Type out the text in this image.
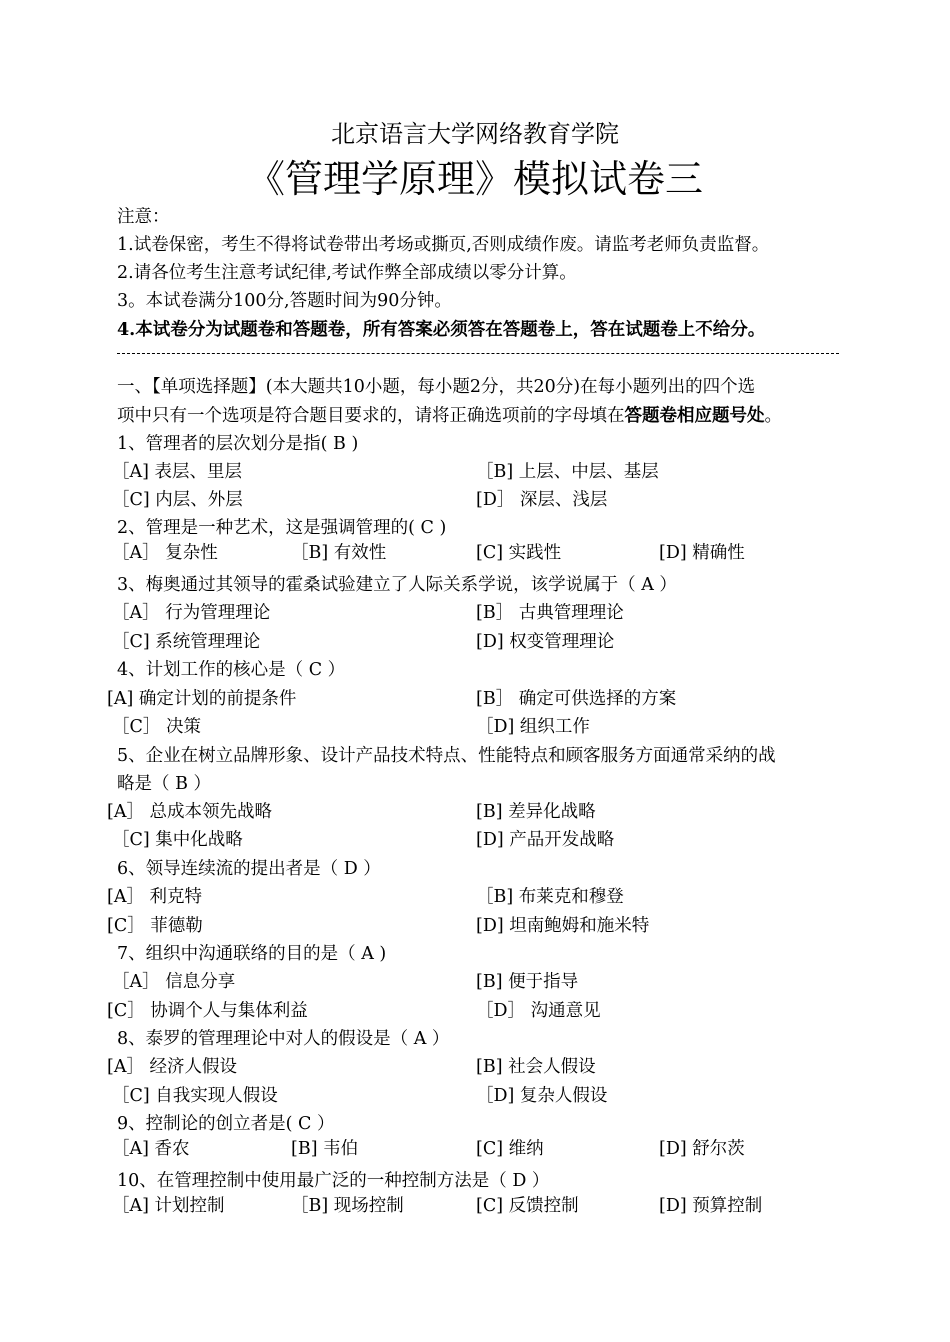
北京语言大学网络教育学院
《管理学原理》模拟试卷三
注意：
1.试卷保密，考生不得将试卷带出考场或撕页,否则成绩作废。请监考老师负责监督。
2.请各位考生注意考试纪律,考试作弊全部成绩以零分计算。
3。本试卷满分100分,答题时间为90分钟。
4.本试卷分为试题卷和答题卷，所有答案必须答在答题卷上，答在试题卷上不给分。
一、【单项选择题】(本大题共10小题，每小题2分，共20分)在每小题列出的四个选
项中只有一个选项是符合题目要求的，请将正确选项前的字母填在答题卷相应题号处。
1、管理者的层次划分是指( B )
［A] 表层、里层	［B] 上层、中层、基层
［C] 内层、外层	[D］ 深层、浅层
2、管理是一种艺术，这是强调管理的( C )
［A］ 复杂性	［B] 有效性	[C] 实践性	[D] 精确性
3、梅奥通过其领导的霍桑试验建立了人际关系学说，该学说属于（ A ）
［A］ 行为管理理论	[B］ 古典管理理论
［C] 系统管理理论	[D] 权变管理理论
4、计划工作的核心是（ C ）
[A] 确定计划的前提条件	[B］ 确定可供选择的方案
［C］ 决策	［D] 组织工作
5、企业在树立品牌形象、设计产品技术特点、性能特点和顾客服务方面通常采纳的战
略是（ B ）
[A］ 总成本领先战略	[B] 差异化战略
［C] 集中化战略	[D] 产品开发战略
6、领导连续流的提出者是（ D ）
[A］ 利克特	［B] 布莱克和穆登
[C］ 菲德勒	[D] 坦南鲍姆和施米特
7、组织中沟通联络的目的是（ A )
［A］ 信息分享	[B] 便于指导
[C］ 协调个人与集体利益	［D］ 沟通意见
8、泰罗的管理理论中对人的假设是（ A ）
[A］ 经济人假设	[B] 社会人假设
［C] 自我实现人假设	［D] 复杂人假设
9、控制论的创立者是( C ）
［A] 香农	[B] 韦伯	[C] 维纳	[D] 舒尔茨
10、在管理控制中使用最广泛的一种控制方法是（ D ）
［A] 计划控制	［B] 现场控制	[C] 反馈控制	[D] 预算控制
